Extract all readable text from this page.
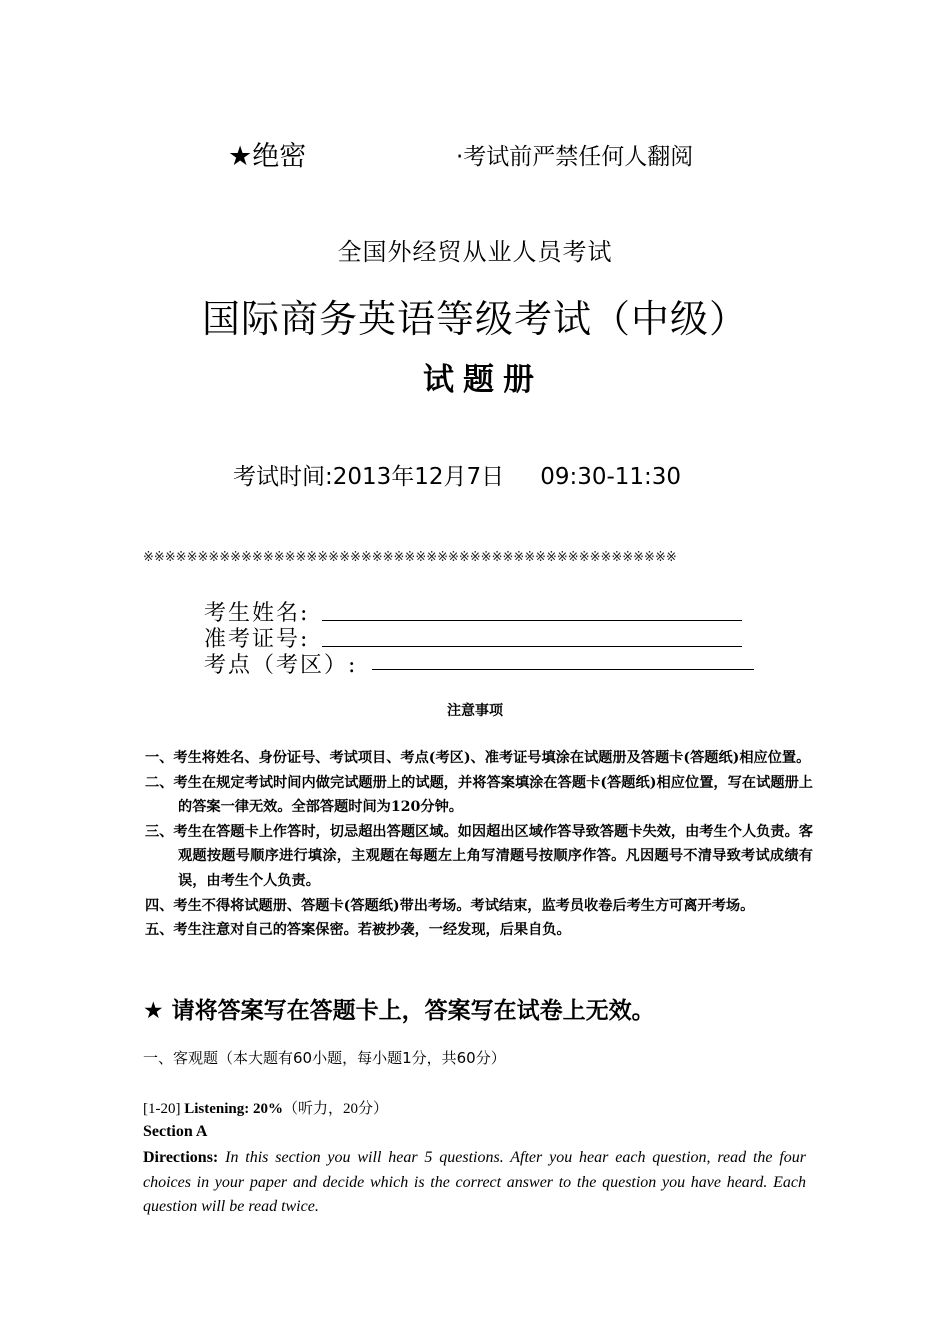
★绝密	·考试前严禁任何人翻阅
全国外经贸从业人员考试
国际商务英语等级考试（中级）
试题册
考试时间:2013年12月7日 09:30-11:30
※※※※※※※※※※※※※※※※※※※※※※※※※※※※※※※※※※※※※※※※※※※※※※※※※
考生姓名:
准考证号:
考点（考区）:
注意事项
一、考生将姓名、身份证号、考试项目、考点(考区)、准考证号填涂在试题册及答题卡(答题纸)相应位置。
二、考生在规定考试时间内做完试题册上的试题，并将答案填涂在答题卡(答题纸)相应位置，写在试题册上的答案一律无效。全部答题时间为120分钟。
三、考生在答题卡上作答时，切忌超出答题区域。如因超出区域作答导致答题卡失效，由考生个人负责。客观题按题号顺序进行填涂，主观题在每题左上角写清题号按顺序作答。凡因题号不清导致考试成绩有误，由考生个人负责。
四、考生不得将试题册、答题卡(答题纸)带出考场。考试结束，监考员收卷后考生方可离开考场。
五、考生注意对自己的答案保密。若被抄袭，一经发现，后果自负。
★ 请将答案写在答题卡上，答案写在试卷上无效。
一、客观题（本大题有60小题，每小题1分，共60分）
[1-20] Listening: 20%（听力，20分）
Section A
Directions: In this section you will hear 5 questions. After you hear each question, read the four choices in your paper and decide which is the correct answer to the question you have heard. Each question will be read twice.
